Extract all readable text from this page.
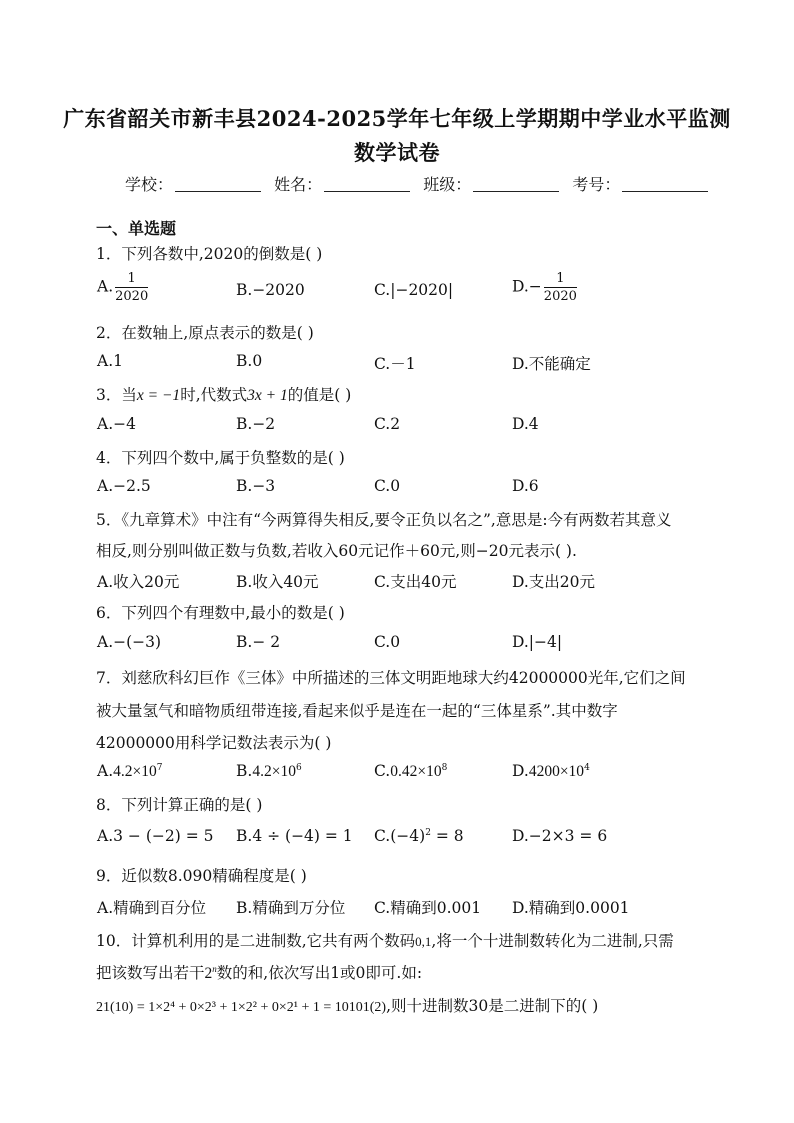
广东省韶关市新丰县2024-2025学年七年级上学期期中学业水平监测
数学试卷
学校：	姓名：	班级：	考号：
一、单选题
1．下列各数中,2020的倒数是( )
A. $\frac{1}{2020}$	B.−2020	C.|−2020|	$D.- \frac{1}{2020}$
2．在数轴上,原点表示的数是( )
A.1	B.0	C.－1	D.不能确定
3．当x = −1时,代数式3x + 1的值是( )
A.−4	B.−2	C.2	D.4
4．下列四个数中,属于负整数的是( )
A.−2.5	B.−3	C.0	D.6
5．《九章算术》中注有“今两算得失相反,要令正负以名之”,意思是:今有两数若其意义
相反,则分别叫做正数与负数,若收入60元记作＋60元,则−20元表示( ).
A.收入20元	B.收入40元	C.支出40元	D.支出20元
6．下列四个有理数中,最小的数是( )
A.−(−3)	B.− 2	C.0	D.|−4|
7．刘慈欣科幻巨作《三体》中所描述的三体文明距地球大约42000000光年,它们之间
被大量氢气和暗物质纽带连接,看起来似乎是连在一起的“三体星系”.其中数字
42000000用科学记数法表示为( )
$A.4.2\times 10^7$	$B.4.2\times 10^6$	$C.0.42\times 10^8$	$D.4200\times 10^4$
8．下列计算正确的是( )
A.3 − (−2) = 5 B.4 ÷ (−4) = 1 $C.(-4)^2 = 8$	D.−2×3 = 6
9．近似数8.090精确程度是( )
A.精确到百分位 B.精确到万分位 C.精确到0.001 D.精确到0.0001
10．计算机利用的是二进制数,它共有两个数码0,1,将一个十进制数转化为二进制,只需
把该数写出若干2$^n$数的和,依次写出1或0即可.如:
21(10) = 1×2⁴ + 0×2³ + 1×2² + 0×2¹ + 1 = 10101(2),则十进制数30是二进制下的( )
